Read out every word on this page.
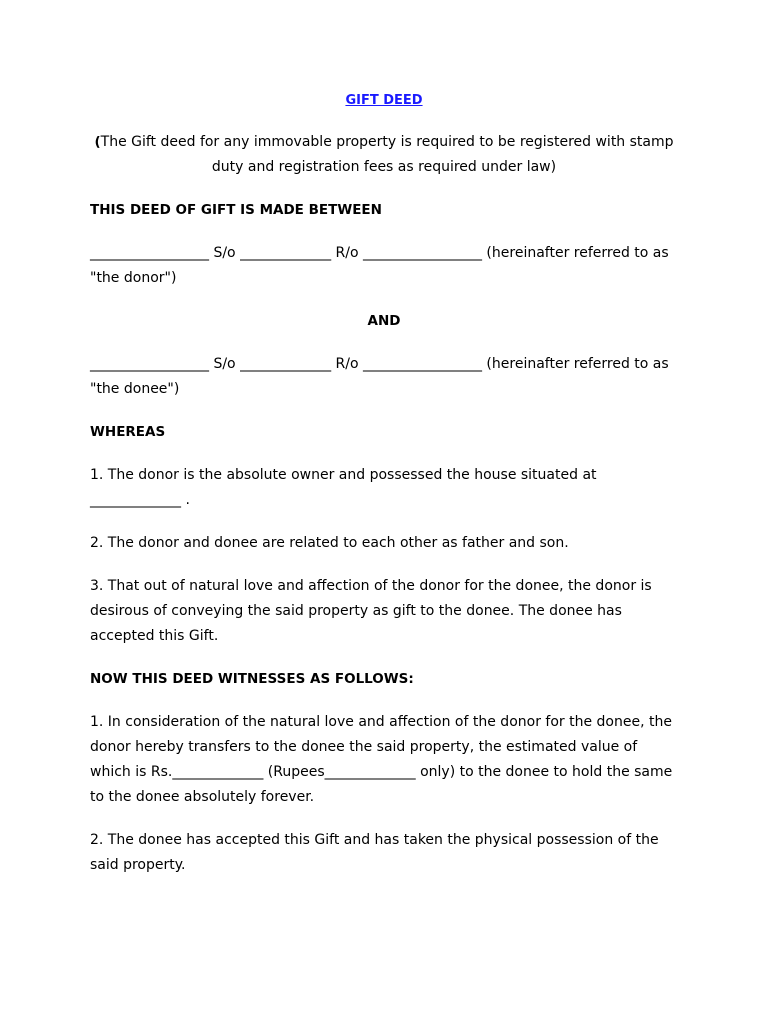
GIFT DEED
(The Gift deed for any immovable property is required to be registered with stamp duty and registration fees as required under law)
THIS DEED OF GIFT IS MADE BETWEEN
_________________ S/o _____________ R/o _________________ (hereinafter referred to as "the donor")
AND
_________________ S/o _____________ R/o _________________ (hereinafter referred to as "the donee")
WHEREAS
1. The donor is the absolute owner and possessed the house situated at _____________ .
2. The donor and donee are related to each other as father and son.
3. That out of natural love and affection of the donor for the donee, the donor is desirous of conveying the said property as gift to the donee. The donee has accepted this Gift.
NOW THIS DEED WITNESSES AS FOLLOWS:
1. In consideration of the natural love and affection of the donor for the donee, the donor hereby transfers to the donee the said property, the estimated value of which is Rs._____________ (Rupees_____________ only) to the donee to hold the same to the donee absolutely forever.
2. The donee has accepted this Gift and has taken the physical possession of the said property.
